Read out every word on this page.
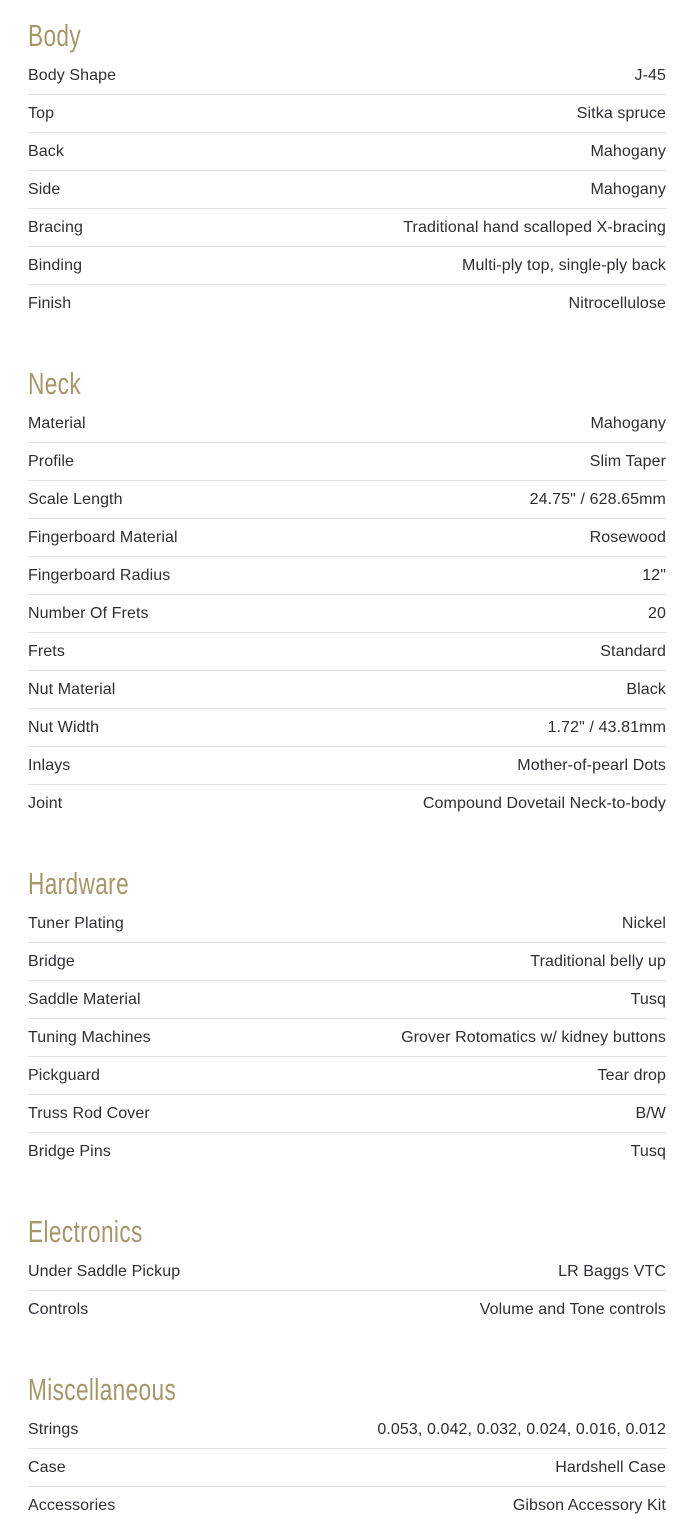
Body
Body Shape	J-45
Top	Sitka spruce
Back	Mahogany
Side	Mahogany
Bracing	Traditional hand scalloped X-bracing
Binding	Multi-ply top, single-ply back
Finish	Nitrocellulose
Neck
Material	Mahogany
Profile	Slim Taper
Scale Length	24.75" / 628.65mm
Fingerboard Material	Rosewood
Fingerboard Radius	12"
Number Of Frets	20
Frets	Standard
Nut Material	Black
Nut Width	1.72" / 43.81mm
Inlays	Mother-of-pearl Dots
Joint	Compound Dovetail Neck-to-body
Hardware
Tuner Plating	Nickel
Bridge	Traditional belly up
Saddle Material	Tusq
Tuning Machines	Grover Rotomatics w/ kidney buttons
Pickguard	Tear drop
Truss Rod Cover	B/W
Bridge Pins	Tusq
Electronics
Under Saddle Pickup	LR Baggs VTC
Controls	Volume and Tone controls
Miscellaneous
Strings	0.053, 0.042, 0.032, 0.024, 0.016, 0.012
Case	Hardshell Case
Accessories	Gibson Accessory Kit
